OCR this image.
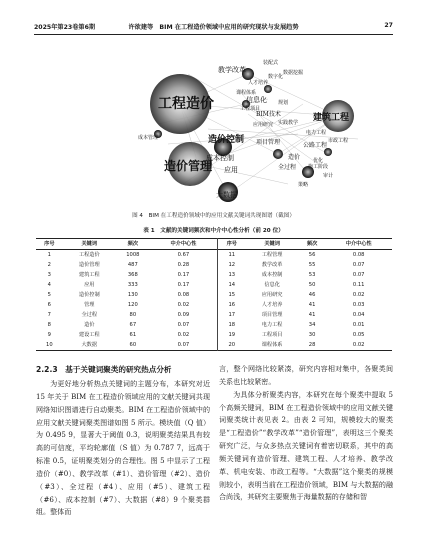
2025年第23卷第6期	许欲建等　BIM 在工程造价领域中应用的研究现状与发展趋势	27
工程造价
教学改革
大数据
建筑工程
造价控制
造价管理 应用
信息化
人才培养
课程体系
成本控制
项目管理
全过程
BIM技术
公路工程
造价	优化
实践教学
应用研究
审计
策略
成本管理
工程项目
电力工程
规划
市政工程
数字化
施工阶段
装配式
数据挖掘
图 4　BIM 在工程造价领域中的应用文献关键词共现图谱（截图）
表 1　文献的关键词频次和中介中心性分析（前 20 位）
序号	关键词	频次	中介中心性	序号	关键词	频次	中介中心性
1	工程造价	1008	0.67	11	工程管理	56	0.08
2	造价管理	487	0.28	12	教学改革	55	0.07
3	建筑工程	368	0.17	13	成本控制	53	0.07
4	应用	333	0.17	14	信息化	50	0.11
5	造价控制	130	0.08	15	应用研究	46	0.02
6	管理	120	0.02	16	人才培养	41	0.03
7	全过程	80	0.09	17	项目管理	41	0.04
8	造价	67	0.07	18	电力工程	34	0.01
9	建设工程	61	0.02	19	工程项目	30	0.05
10	大数据	60	0.07	20	课程体系	28	0.02
2.2.3　基于关键词聚类的研究热点分析

为更好地分析热点关键词的主题分布，本研究对近 15 年关于 BIM 在工程造价领域应用的文献关键词共现网络知识图谱进行自动聚类。BIM 在工程造价领域中的应用文献关键词聚类图谱如图 5 所示。模块值（Q 值）为 0.495 9，显著大于阈值 0.3，说明聚类结果具有较高的可信度，平均轮廓值（S 值）为 0.787 7，远高于标准 0.5，证明聚类划分的合理性。图 5 中显示了工程造价（#0）、教学改革（#1）、造价管理（#2）、造价（#3）、全过程（#4）、应用（#5）、建筑工程（#6）、成本控制（#7）、大数据（#8）9 个聚类群组。整体而

言，整个网络比较紧凑，研究内容相对集中，各聚类间关系也比较紧密。

为具体分析聚类内容，本研究在每个聚类中提取 5 个高频关键词，BIM 在工程造价领域中的应用文献关键词聚类统计表见表 2。由表 2 可知，规模较大的聚类是“工程造价”“教学改革”“造价管理”，表明这三个聚类研究广泛，与众多热点关键词有着密切联系，其中的高频关键词有造价管理、建筑工程、人才培养、教学改革、机电安装、市政工程等。“大数据”这个聚类的规模则较小，表明当前在工程造价领域，BIM 与大数据的融合尚浅，其研究主要聚焦于海量数据的存储和智
